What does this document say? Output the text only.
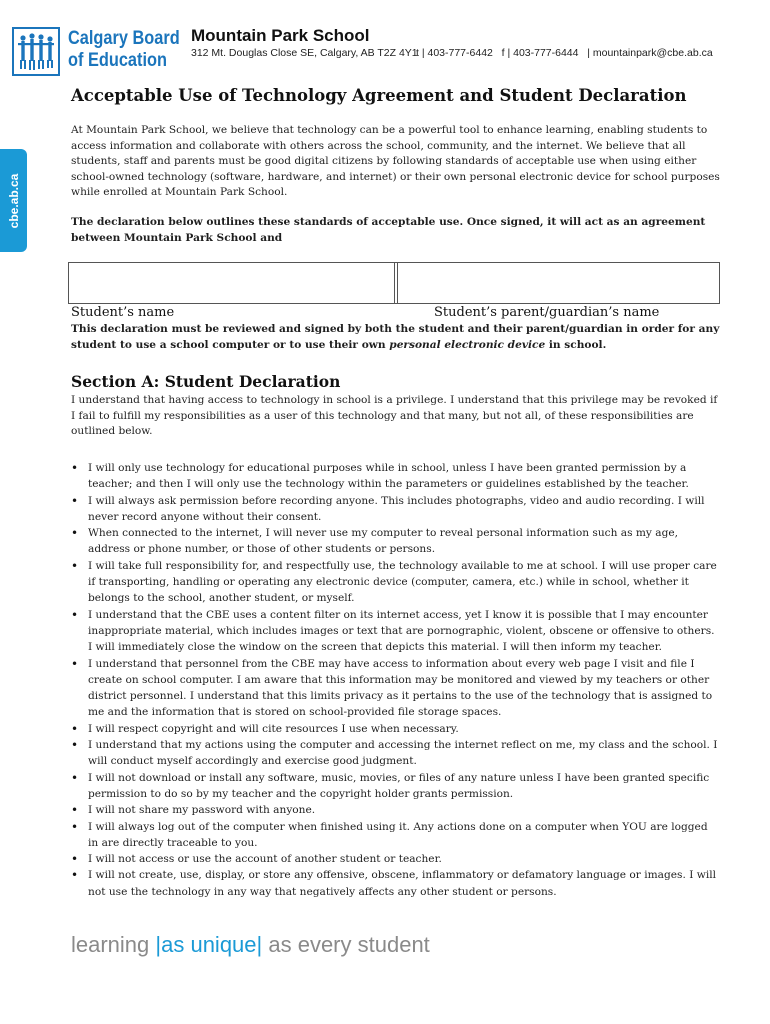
Calgary Board
of Education
Mountain Park School
312 Mt. Douglas Close SE, Calgary, AB T2Z 4Y1
t | 403-777-6442   f | 403-777-6444   | mountainpark@cbe.ab.ca
cbe.ab.ca
Acceptable Use of Technology Agreement and Student Declaration
At Mountain Park School, we believe that technology can be a powerful tool to enhance learning, enabling students to access information and collaborate with others across the school, community, and the internet. We believe that all students, staff and parents must be good digital citizens by following standards of acceptable use when using either school-owned technology (software, hardware, and internet) or their own personal electronic device for school purposes while enrolled at Mountain Park School.
The declaration below outlines these standards of acceptable use. Once signed, it will act as an agreement between Mountain Park School and
Student’s name	Student’s parent/guardian’s name
This declaration must be reviewed and signed by both the student and their parent/guardian in order for any student to use a school computer or to use their own personal electronic device in school.
Section A: Student Declaration
I understand that having access to technology in school is a privilege. I understand that this privilege may be revoked if I fail to fulfill my responsibilities as a user of this technology and that many, but not all, of these responsibilities are outlined below.
• I will only use technology for educational purposes while in school, unless I have been granted permission by a teacher; and then I will only use the technology within the parameters or guidelines established by the teacher.
• I will always ask permission before recording anyone. This includes photographs, video and audio recording. I will never record anyone without their consent.
• When connected to the internet, I will never use my computer to reveal personal information such as my age, address or phone number, or those of other students or persons.
• I will take full responsibility for, and respectfully use, the technology available to me at school. I will use proper care if transporting, handling or operating any electronic device (computer, camera, etc.) while in school, whether it belongs to the school, another student, or myself.
• I understand that the CBE uses a content filter on its internet access, yet I know it is possible that I may encounter inappropriate material, which includes images or text that are pornographic, violent, obscene or offensive to others. I will immediately close the window on the screen that depicts this material. I will then inform my teacher.
• I understand that personnel from the CBE may have access to information about every web page I visit and file I create on school computer. I am aware that this information may be monitored and viewed by my teachers or other district personnel. I understand that this limits privacy as it pertains to the use of the technology that is assigned to me and the information that is stored on school-provided file storage spaces.
• I will respect copyright and will cite resources I use when necessary.
• I understand that my actions using the computer and accessing the internet reflect on me, my class and the school. I will conduct myself accordingly and exercise good judgment.
• I will not download or install any software, music, movies, or files of any nature unless I have been granted specific permission to do so by my teacher and the copyright holder grants permission.
• I will not share my password with anyone.
• I will always log out of the computer when finished using it. Any actions done on a computer when YOU are logged in are directly traceable to you.
• I will not access or use the account of another student or teacher.
• I will not create, use, display, or store any offensive, obscene, inflammatory or defamatory language or images. I will not use the technology in any way that negatively affects any other student or persons.
learning |as unique| as every student
